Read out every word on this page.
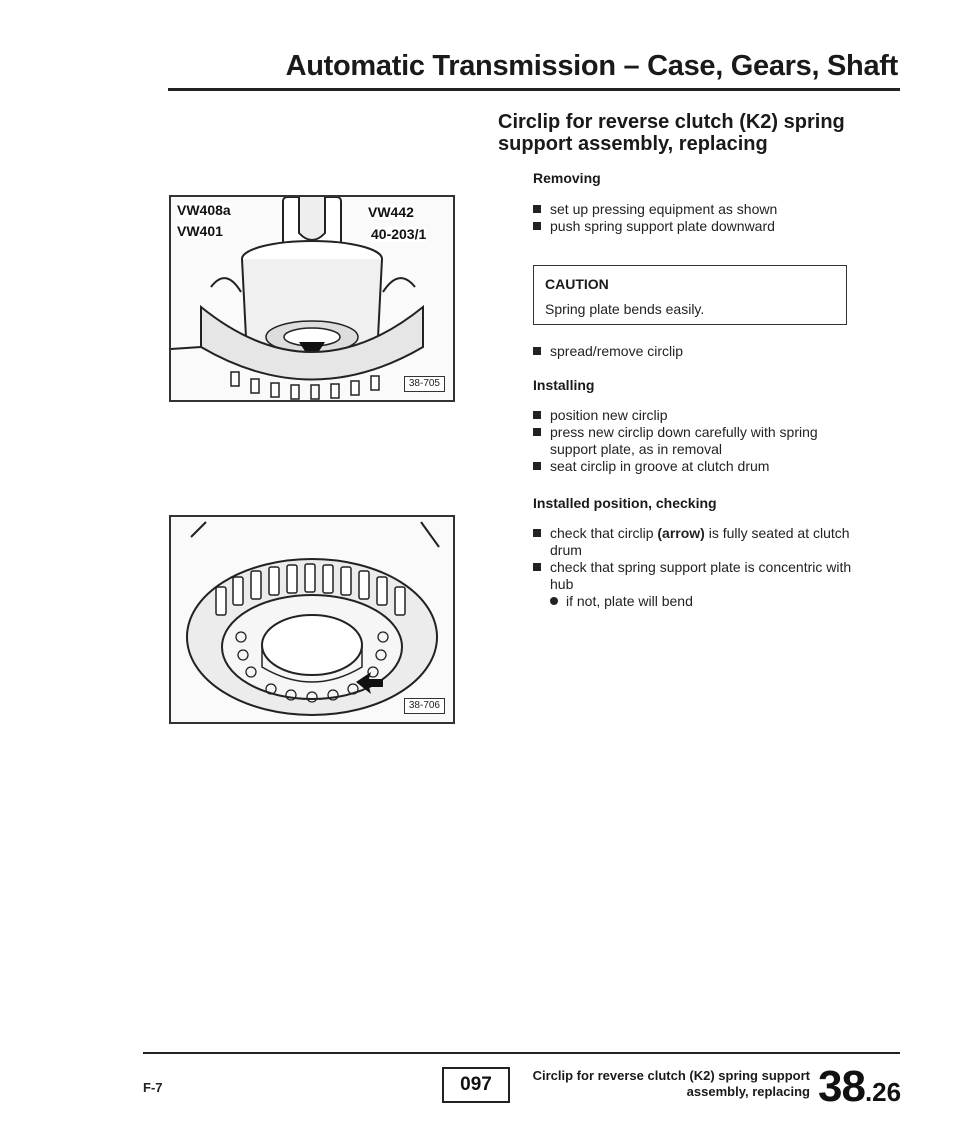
Automatic Transmission – Case, Gears, Shaft
VW408a	VW442
VW401	40-203/1
38-705
38-706
Circlip for reverse clutch (K2) spring
support assembly, replacing
Removing
set up pressing equipment as shown
push spring support plate downward
CAUTION
Spring plate bends easily.
spread/remove circlip
Installing
position new circlip
press new circlip down carefully with spring support plate, as in removal
seat circlip in groove at clutch drum
Installed position, checking
check that circlip (arrow) is fully seated at clutch drum
check that spring support plate is concentric with hub
if not, plate will bend
F-7	097	Circlip for reverse clutch (K2) spring support
assembly, replacing 38.26
